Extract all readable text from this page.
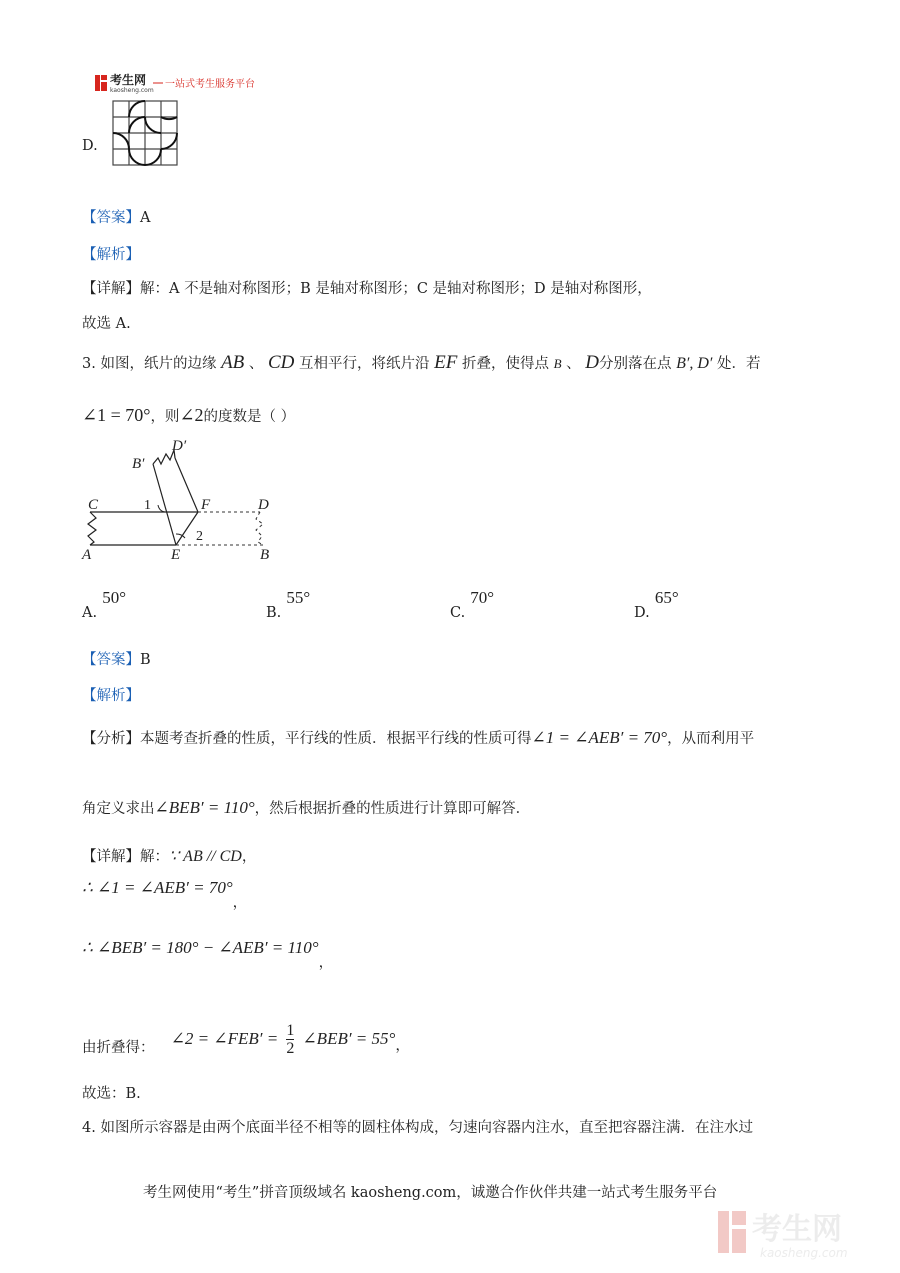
考生网
kaosheng.com
一站式考生服务平台
D.
【答案】A
【解析】
【详解】解：A 不是轴对称图形；B 是轴对称图形；C 是轴对称图形；D 是轴对称图形，
故选 A.
3. 如图，纸片的边缘 AB 、 CD 互相平行，将纸片沿 EF 折叠，使得点 B 、 D分别落在点 B′, D′ 处．若
∠1 = 70°，则∠2的度数是（ ）
C
A	E
F	D
B
B′
D′
1
2
A. 50°
B. 55°
C. 70°
D. 65°
【答案】B
【解析】
【分析】本题考查折叠的性质，平行线的性质．根据平行线的性质可得∠1 = ∠AEB′ = 70°，从而利用平
角定义求出∠BEB′ = 110°，然后根据折叠的性质进行计算即可解答．
【详解】解：∵ AB // CD，
∴ ∠1 = ∠AEB′ = 70°，
∴ ∠BEB′ = 180° − ∠AEB′ = 110°，
由折叠得： ∠2 = ∠FEB′ = $\frac{1}{2}$ ∠BEB′ = 55°，
故选：B.
4. 如图所示容器是由两个底面半径不相等的圆柱体构成，匀速向容器内注水，直至把容器注满．在注水过
考生网使用“考生”拼音顶级域名 kaosheng.com，诚邀合作伙伴共建一站式考生服务平台
考生网
kaosheng.com
